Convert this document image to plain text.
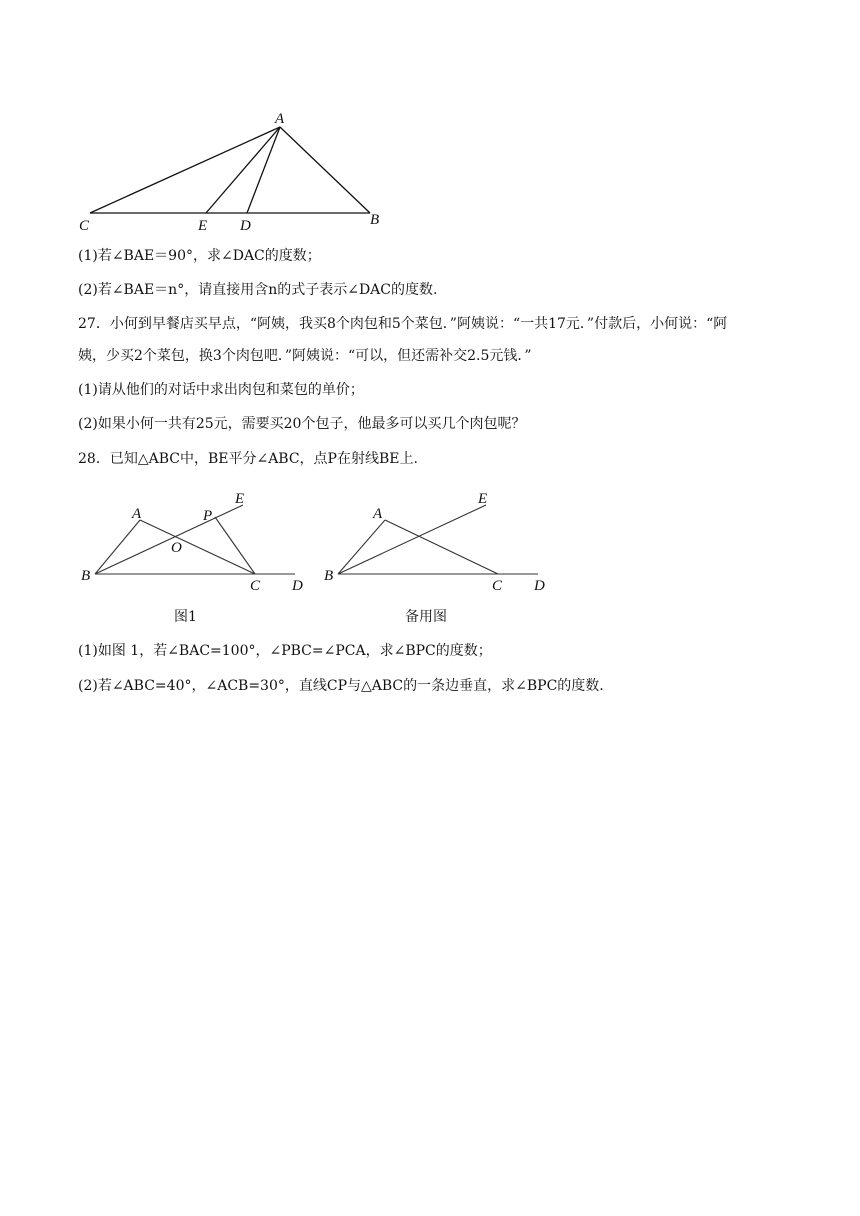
A
C	E D	B
(1)若∠BAE＝90°，求∠DAC的度数；
(2)若∠BAE＝n°，请直接用含n的式子表示∠DAC的度数.
27．小何到早餐店买早点，“阿姨，我买8个肉包和5个菜包．”阿姨说：“一共17元．”付款后，小何说：“阿
姨，少买2个菜包，换3个肉包吧．”阿姨说：“可以，但还需补交2.5元钱．”
(1)请从他们的对话中求出肉包和菜包的单价；
(2)如果小何一共有25元，需要买20个包子，他最多可以买几个肉包呢？
28．已知△ABC中，BE平分∠ABC，点P在射线BE上.
A	P
E
O
B
C D
图1
A
E
B
C D
备用图
(1)如图 1，若∠BAC=100°，∠PBC=∠PCA，求∠BPC的度数；
(2)若∠ABC=40°，∠ACB=30°，直线CP与△ABC的一条边垂直，求∠BPC的度数.
